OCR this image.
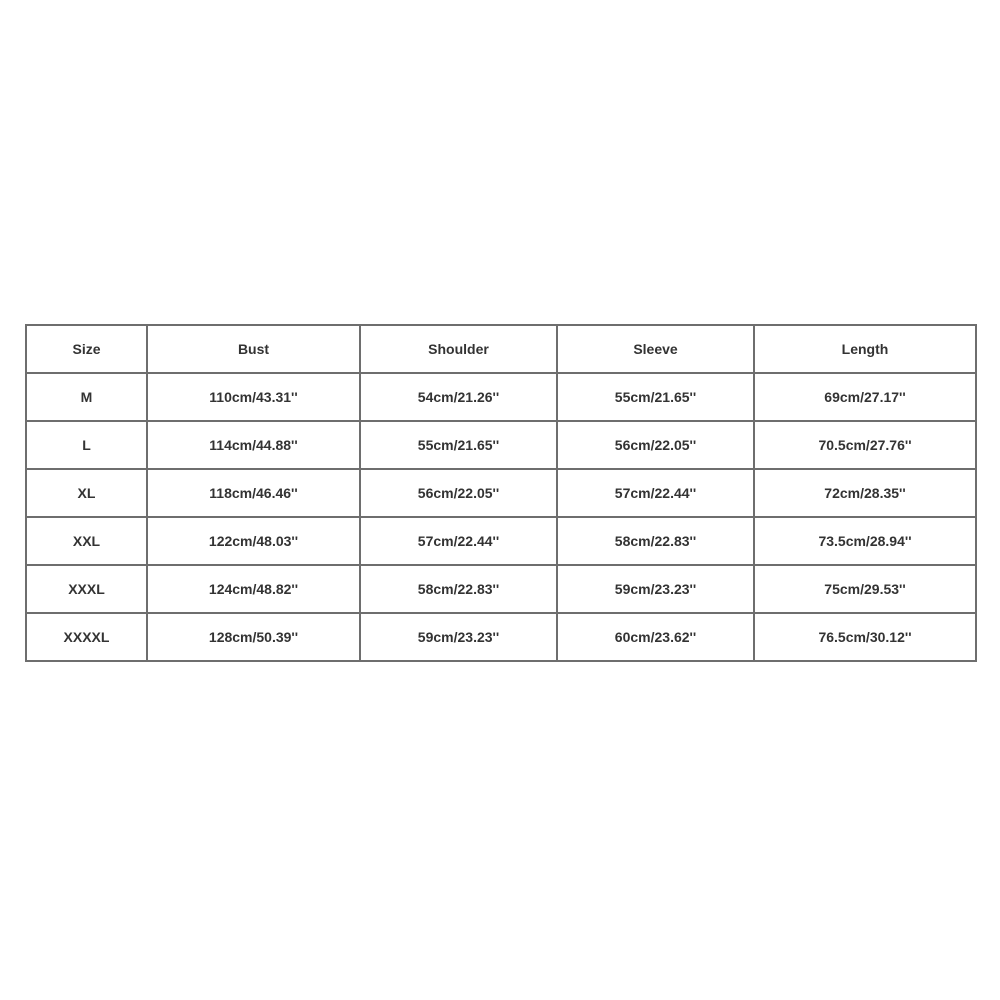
Size	Bust	Shoulder	Sleeve	Length
M	110cm/43.31''	54cm/21.26''	55cm/21.65''	69cm/27.17''
L	114cm/44.88''	55cm/21.65''	56cm/22.05''	70.5cm/27.76''
XL	118cm/46.46''	56cm/22.05''	57cm/22.44''	72cm/28.35''
XXL	122cm/48.03''	57cm/22.44''	58cm/22.83''	73.5cm/28.94''
XXXL	124cm/48.82''	58cm/22.83''	59cm/23.23''	75cm/29.53''
XXXXL	128cm/50.39''	59cm/23.23''	60cm/23.62''	76.5cm/30.12''
